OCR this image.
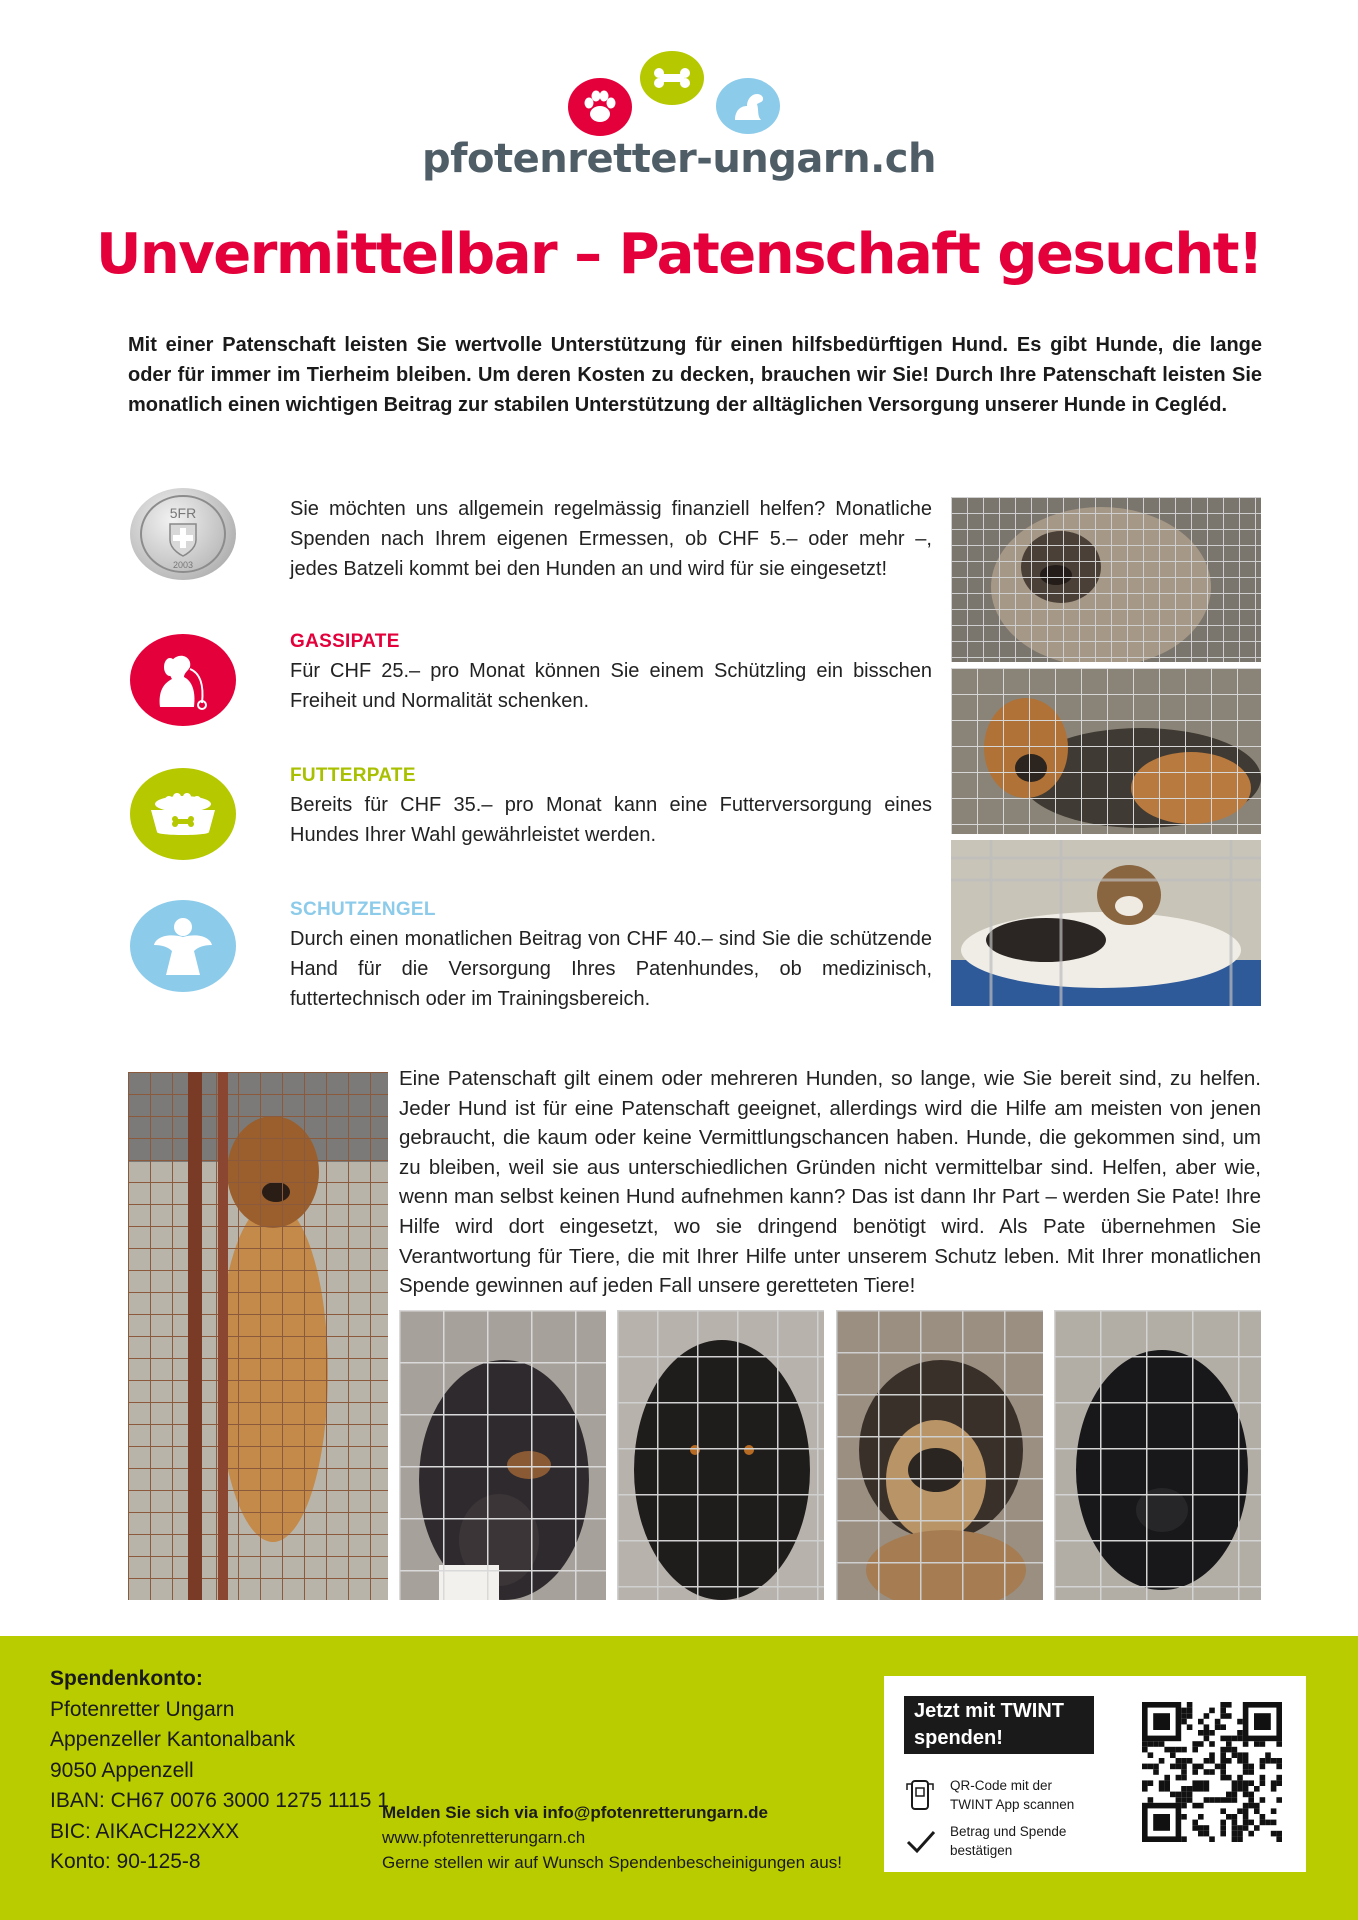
pfotenretter-ungarn.ch
Unvermittelbar – Patenschaft gesucht!

Mit einer Patenschaft leisten Sie wertvolle Unterstützung für einen hilfsbedürftigen Hund. Es gibt Hunde, die lange oder für immer im Tierheim bleiben. Um deren Kosten zu decken, brauchen wir Sie! Durch Ihre Patenschaft leisten Sie monatlich einen wichtigen Beitrag zur stabilen Unterstützung der alltäglichen Versorgung unserer Hunde in Cegléd.

5FR
2003

Sie möchten uns allgemein regelmässig finanziell helfen? Monatliche Spenden nach Ihrem eigenen Ermessen, ob CHF 5.– oder mehr –, jedes Batzeli kommt bei den Hunden an und wird für sie eingesetzt!

GASSIPATE
Für CHF 25.– pro Monat können Sie einem Schützling ein bisschen Freiheit und Normalität schenken.
FUTTERPATE
Bereits für CHF 35.– pro Monat kann eine Futterversorgung eines Hundes Ihrer Wahl gewährleistet werden.
SCHUTZENGEL
Durch einen monatlichen Beitrag von CHF 40.– sind Sie die schützende Hand für die Versorgung Ihres Patenhundes, ob medizinisch, futtertechnisch oder im Trainingsbereich.

Eine Patenschaft gilt einem oder mehreren Hunden, so lange, wie Sie bereit sind, zu helfen. Jeder Hund ist für eine Patenschaft geeignet, allerdings wird die Hilfe am meisten von jenen gebraucht, die kaum oder keine Vermittlungschancen haben. Hunde, die gekommen sind, um zu bleiben, weil sie aus unterschiedlichen Gründen nicht vermittelbar sind. Helfen, aber wie, wenn man selbst keinen Hund aufnehmen kann? Das ist dann Ihr Part – werden Sie Pate! Ihre Hilfe wird dort eingesetzt, wo sie dringend benötigt wird. Als Pate übernehmen Sie Verantwortung für Tiere, die mit Ihrer Hilfe unter unserem Schutz leben. Mit Ihrer monatlichen Spende gewinnen auf jeden Fall unsere geretteten Tiere!

Spendenkonto:
Pfotenretter Ungarn
Appenzeller Kantonalbank
9050 Appenzell
IBAN: CH67 0076 3000 1275 1115 1
BIC: AIKACH22XXX
Konto: 90-125-8
Melden Sie sich via info@pfotenretterungarn.de
www.pfotenretterungarn.ch
Gerne stellen wir auf Wunsch Spendenbescheinigungen aus!
Jetzt mit TWINT spenden!
QR-Code mit der TWINT App scannen
Betrag und Spende bestätigen
